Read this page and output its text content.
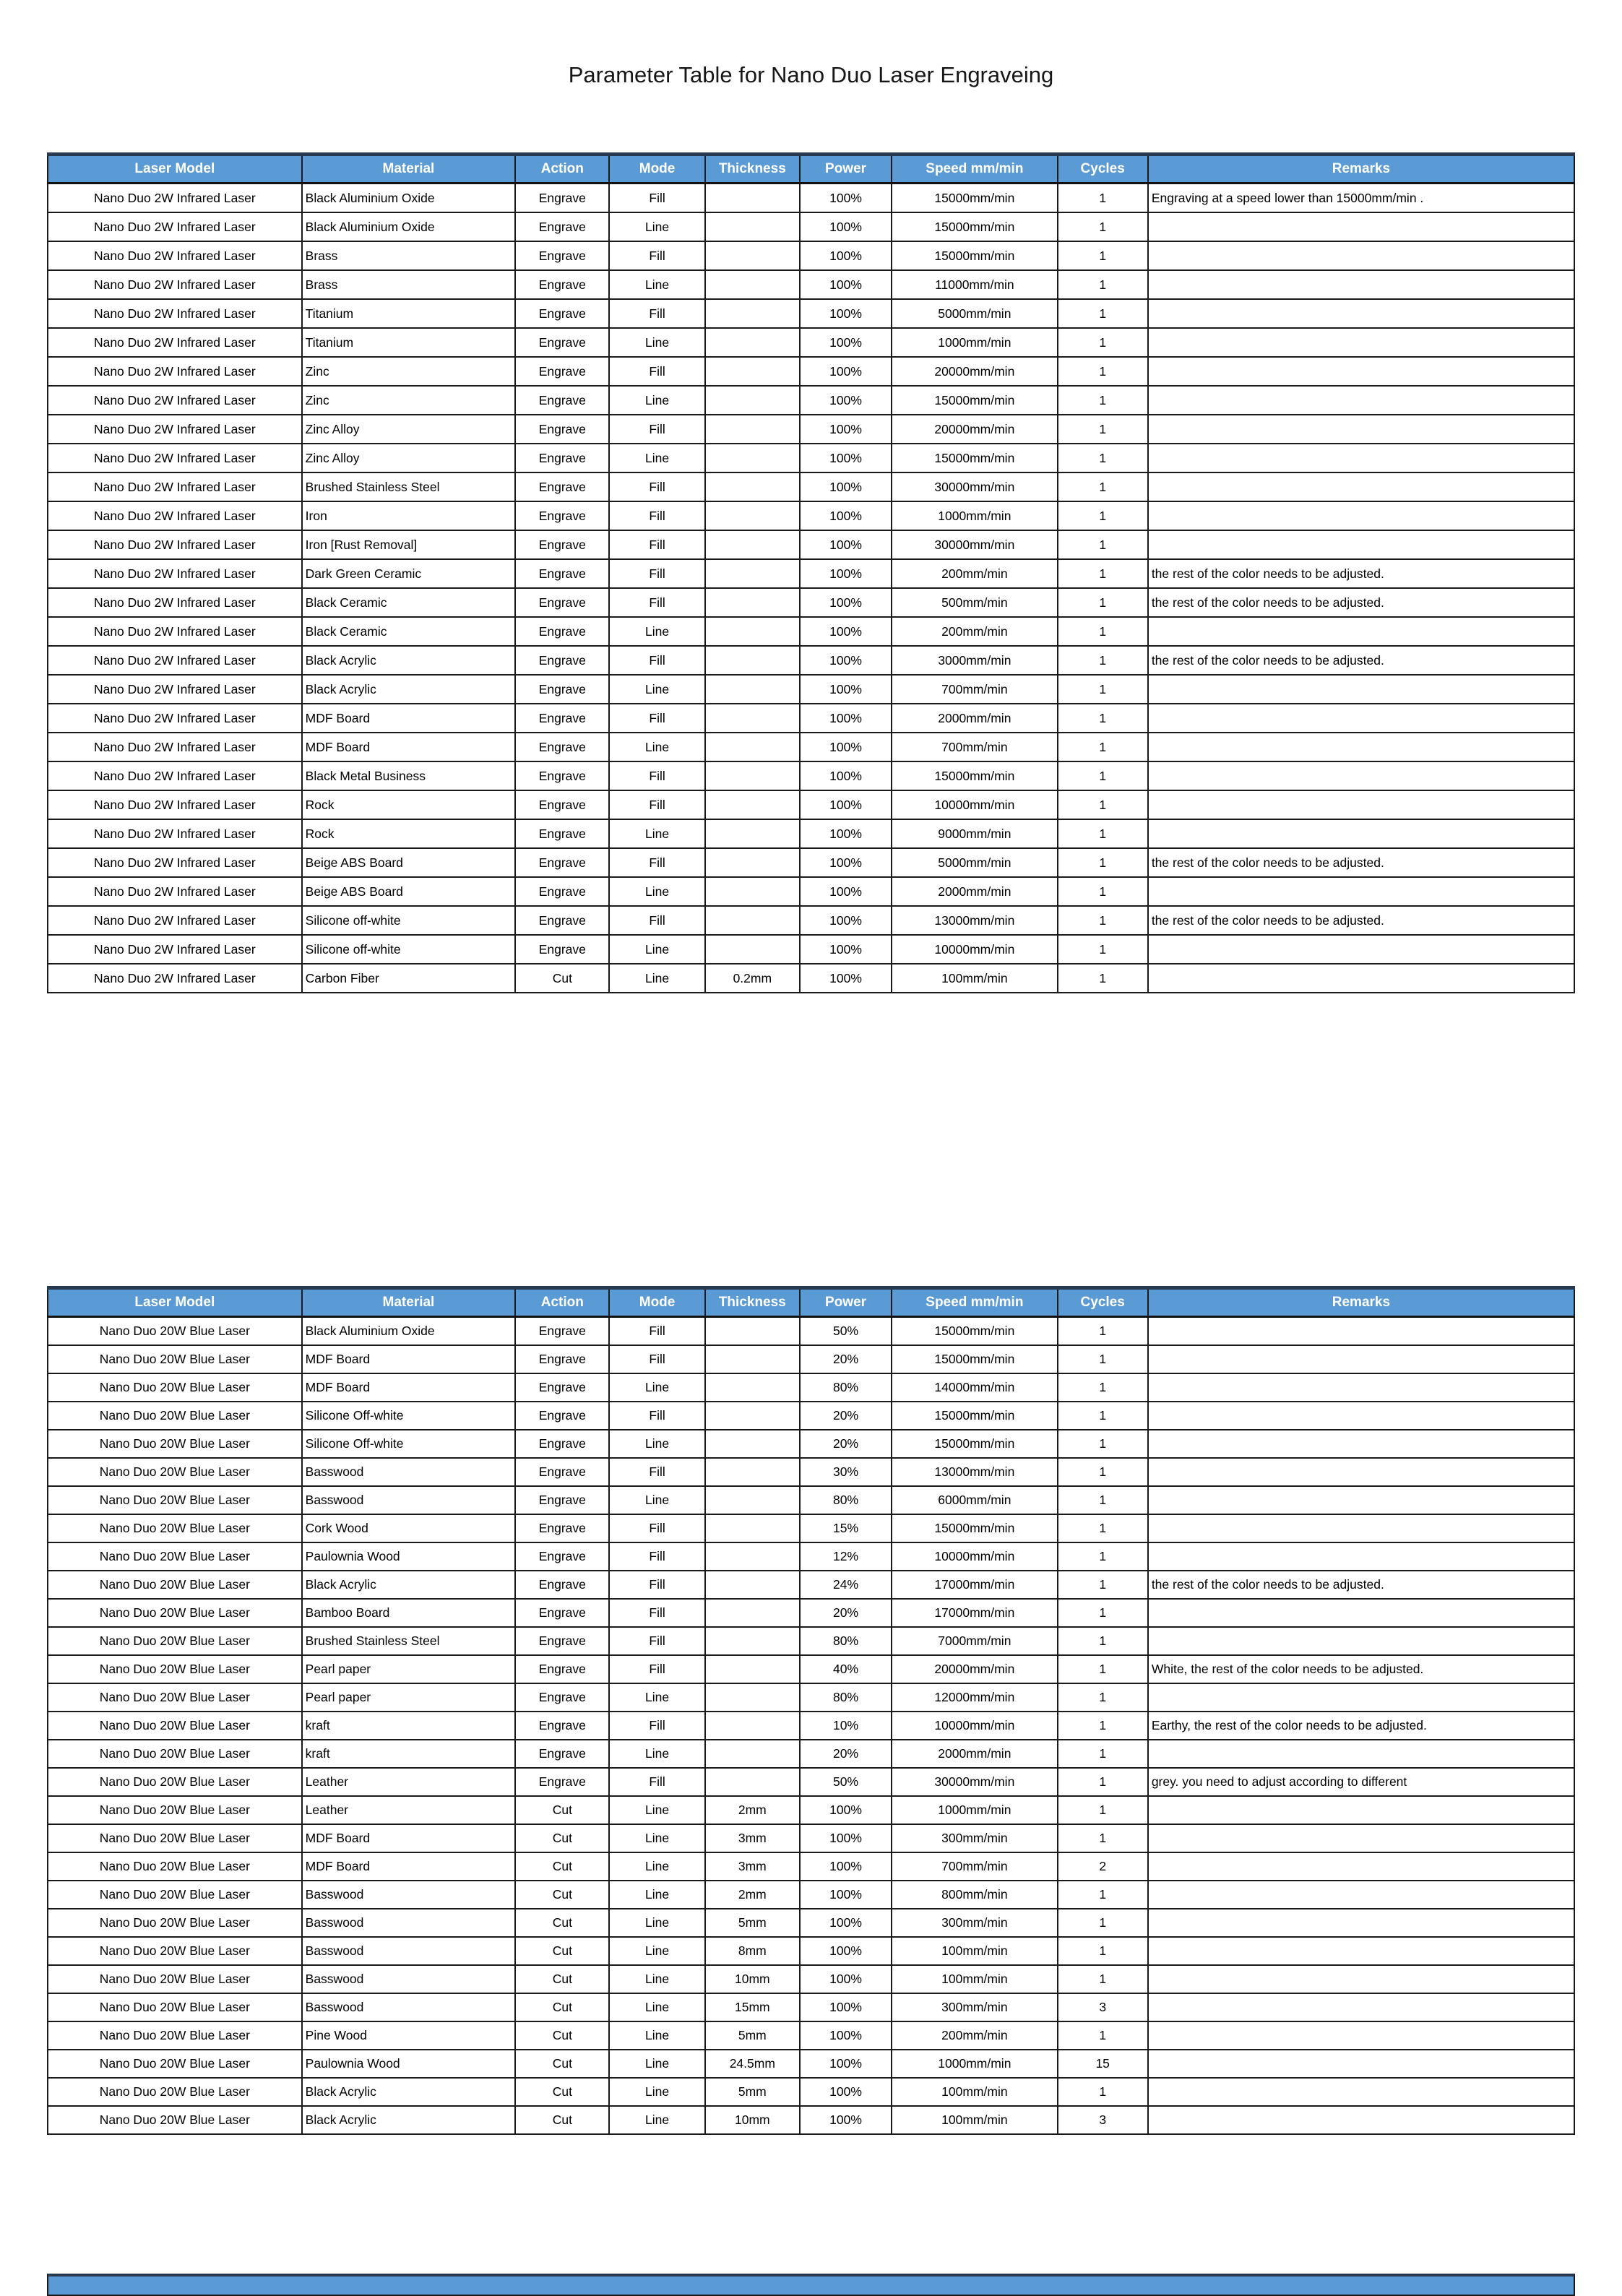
Parameter Table for Nano Duo Laser Engraveing
Laser Model	Material	Action	Mode	Thickness	Power	Speed mm/min	Cycles	Remarks
Nano Duo 2W Infrared Laser	Black Aluminium Oxide	Engrave	Fill		100%	15000mm/min	1	Engraving at a speed lower than 15000mm/min .
Nano Duo 2W Infrared Laser	Black Aluminium Oxide	Engrave	Line		100%	15000mm/min	1	
Nano Duo 2W Infrared Laser	Brass	Engrave	Fill		100%	15000mm/min	1	
Nano Duo 2W Infrared Laser	Brass	Engrave	Line		100%	11000mm/min	1	
Nano Duo 2W Infrared Laser	Titanium	Engrave	Fill		100%	5000mm/min	1	
Nano Duo 2W Infrared Laser	Titanium	Engrave	Line		100%	1000mm/min	1	
Nano Duo 2W Infrared Laser	Zinc	Engrave	Fill		100%	20000mm/min	1	
Nano Duo 2W Infrared Laser	Zinc	Engrave	Line		100%	15000mm/min	1	
Nano Duo 2W Infrared Laser	Zinc Alloy	Engrave	Fill		100%	20000mm/min	1	
Nano Duo 2W Infrared Laser	Zinc Alloy	Engrave	Line		100%	15000mm/min	1	
Nano Duo 2W Infrared Laser	Brushed Stainless Steel	Engrave	Fill		100%	30000mm/min	1	
Nano Duo 2W Infrared Laser	Iron	Engrave	Fill		100%	1000mm/min	1	
Nano Duo 2W Infrared Laser	Iron [Rust Removal]	Engrave	Fill		100%	30000mm/min	1	
Nano Duo 2W Infrared Laser	Dark Green Ceramic	Engrave	Fill		100%	200mm/min	1	the rest of the color needs to be adjusted.
Nano Duo 2W Infrared Laser	Black Ceramic	Engrave	Fill		100%	500mm/min	1	the rest of the color needs to be adjusted.
Nano Duo 2W Infrared Laser	Black Ceramic	Engrave	Line		100%	200mm/min	1	
Nano Duo 2W Infrared Laser	Black Acrylic	Engrave	Fill		100%	3000mm/min	1	the rest of the color needs to be adjusted.
Nano Duo 2W Infrared Laser	Black Acrylic	Engrave	Line		100%	700mm/min	1	
Nano Duo 2W Infrared Laser	MDF Board	Engrave	Fill		100%	2000mm/min	1	
Nano Duo 2W Infrared Laser	MDF Board	Engrave	Line		100%	700mm/min	1	
Nano Duo 2W Infrared Laser	Black Metal Business	Engrave	Fill		100%	15000mm/min	1	
Nano Duo 2W Infrared Laser	Rock	Engrave	Fill		100%	10000mm/min	1	
Nano Duo 2W Infrared Laser	Rock	Engrave	Line		100%	9000mm/min	1	
Nano Duo 2W Infrared Laser	Beige ABS Board	Engrave	Fill		100%	5000mm/min	1	the rest of the color needs to be adjusted.
Nano Duo 2W Infrared Laser	Beige ABS Board	Engrave	Line		100%	2000mm/min	1	
Nano Duo 2W Infrared Laser	Silicone off-white	Engrave	Fill		100%	13000mm/min	1	the rest of the color needs to be adjusted.
Nano Duo 2W Infrared Laser	Silicone off-white	Engrave	Line		100%	10000mm/min	1	
Nano Duo 2W Infrared Laser	Carbon Fiber	Cut	Line	0.2mm	100%	100mm/min	1	
Laser Model	Material	Action	Mode	Thickness	Power	Speed mm/min	Cycles	Remarks
Nano Duo 20W Blue Laser	Black Aluminium Oxide	Engrave	Fill		50%	15000mm/min	1	
Nano Duo 20W Blue Laser	MDF Board	Engrave	Fill		20%	15000mm/min	1	
Nano Duo 20W Blue Laser	MDF Board	Engrave	Line		80%	14000mm/min	1	
Nano Duo 20W Blue Laser	Silicone Off-white	Engrave	Fill		20%	15000mm/min	1	
Nano Duo 20W Blue Laser	Silicone Off-white	Engrave	Line		20%	15000mm/min	1	
Nano Duo 20W Blue Laser	Basswood	Engrave	Fill		30%	13000mm/min	1	
Nano Duo 20W Blue Laser	Basswood	Engrave	Line		80%	6000mm/min	1	
Nano Duo 20W Blue Laser	Cork Wood	Engrave	Fill		15%	15000mm/min	1	
Nano Duo 20W Blue Laser	Paulownia Wood	Engrave	Fill		12%	10000mm/min	1	
Nano Duo 20W Blue Laser	Black Acrylic	Engrave	Fill		24%	17000mm/min	1	the rest of the color needs to be adjusted.
Nano Duo 20W Blue Laser	Bamboo Board	Engrave	Fill		20%	17000mm/min	1	
Nano Duo 20W Blue Laser	Brushed Stainless Steel	Engrave	Fill		80%	7000mm/min	1	
Nano Duo 20W Blue Laser	Pearl paper	Engrave	Fill		40%	20000mm/min	1	White, the rest of the color needs to be adjusted.
Nano Duo 20W Blue Laser	Pearl paper	Engrave	Line		80%	12000mm/min	1	
Nano Duo 20W Blue Laser	kraft	Engrave	Fill		10%	10000mm/min	1	Earthy, the rest of the color needs to be adjusted.
Nano Duo 20W Blue Laser	kraft	Engrave	Line		20%	2000mm/min	1	
Nano Duo 20W Blue Laser	Leather	Engrave	Fill		50%	30000mm/min	1	grey. you need to adjust according to different
Nano Duo 20W Blue Laser	Leather	Cut	Line	2mm	100%	1000mm/min	1	
Nano Duo 20W Blue Laser	MDF Board	Cut	Line	3mm	100%	300mm/min	1	
Nano Duo 20W Blue Laser	MDF Board	Cut	Line	3mm	100%	700mm/min	2	
Nano Duo 20W Blue Laser	Basswood	Cut	Line	2mm	100%	800mm/min	1	
Nano Duo 20W Blue Laser	Basswood	Cut	Line	5mm	100%	300mm/min	1	
Nano Duo 20W Blue Laser	Basswood	Cut	Line	8mm	100%	100mm/min	1	
Nano Duo 20W Blue Laser	Basswood	Cut	Line	10mm	100%	100mm/min	1	
Nano Duo 20W Blue Laser	Basswood	Cut	Line	15mm	100%	300mm/min	3	
Nano Duo 20W Blue Laser	Pine Wood	Cut	Line	5mm	100%	200mm/min	1	
Nano Duo 20W Blue Laser	Paulownia Wood	Cut	Line	24.5mm	100%	1000mm/min	15	
Nano Duo 20W Blue Laser	Black Acrylic	Cut	Line	5mm	100%	100mm/min	1	
Nano Duo 20W Blue Laser	Black Acrylic	Cut	Line	10mm	100%	100mm/min	3	
